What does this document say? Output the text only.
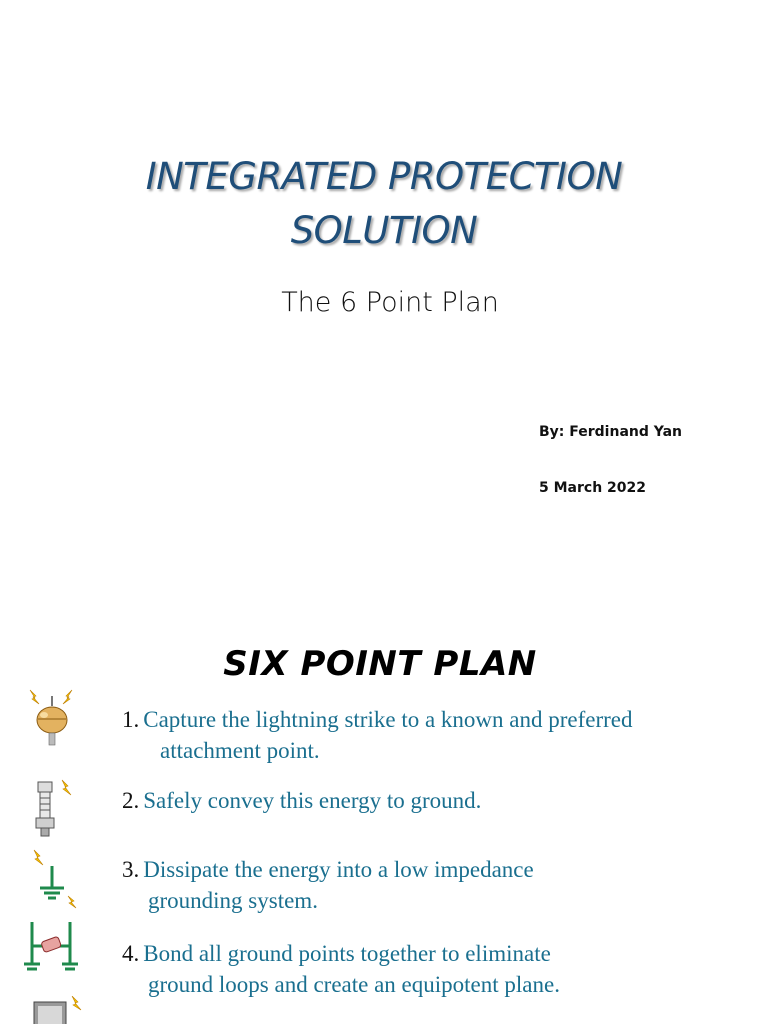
INTEGRATED PROTECTION
SOLUTION
The 6 Point Plan
By: Ferdinand Yan
5 March 2022
SIX POINT PLAN
1. Capture the lightning strike to a known and preferred
attachment point.
2. Safely convey this energy to ground.
3. Dissipate the energy into a low impedance
grounding system.
4. Bond all ground points together to eliminate
ground loops and create an equipotent plane.
